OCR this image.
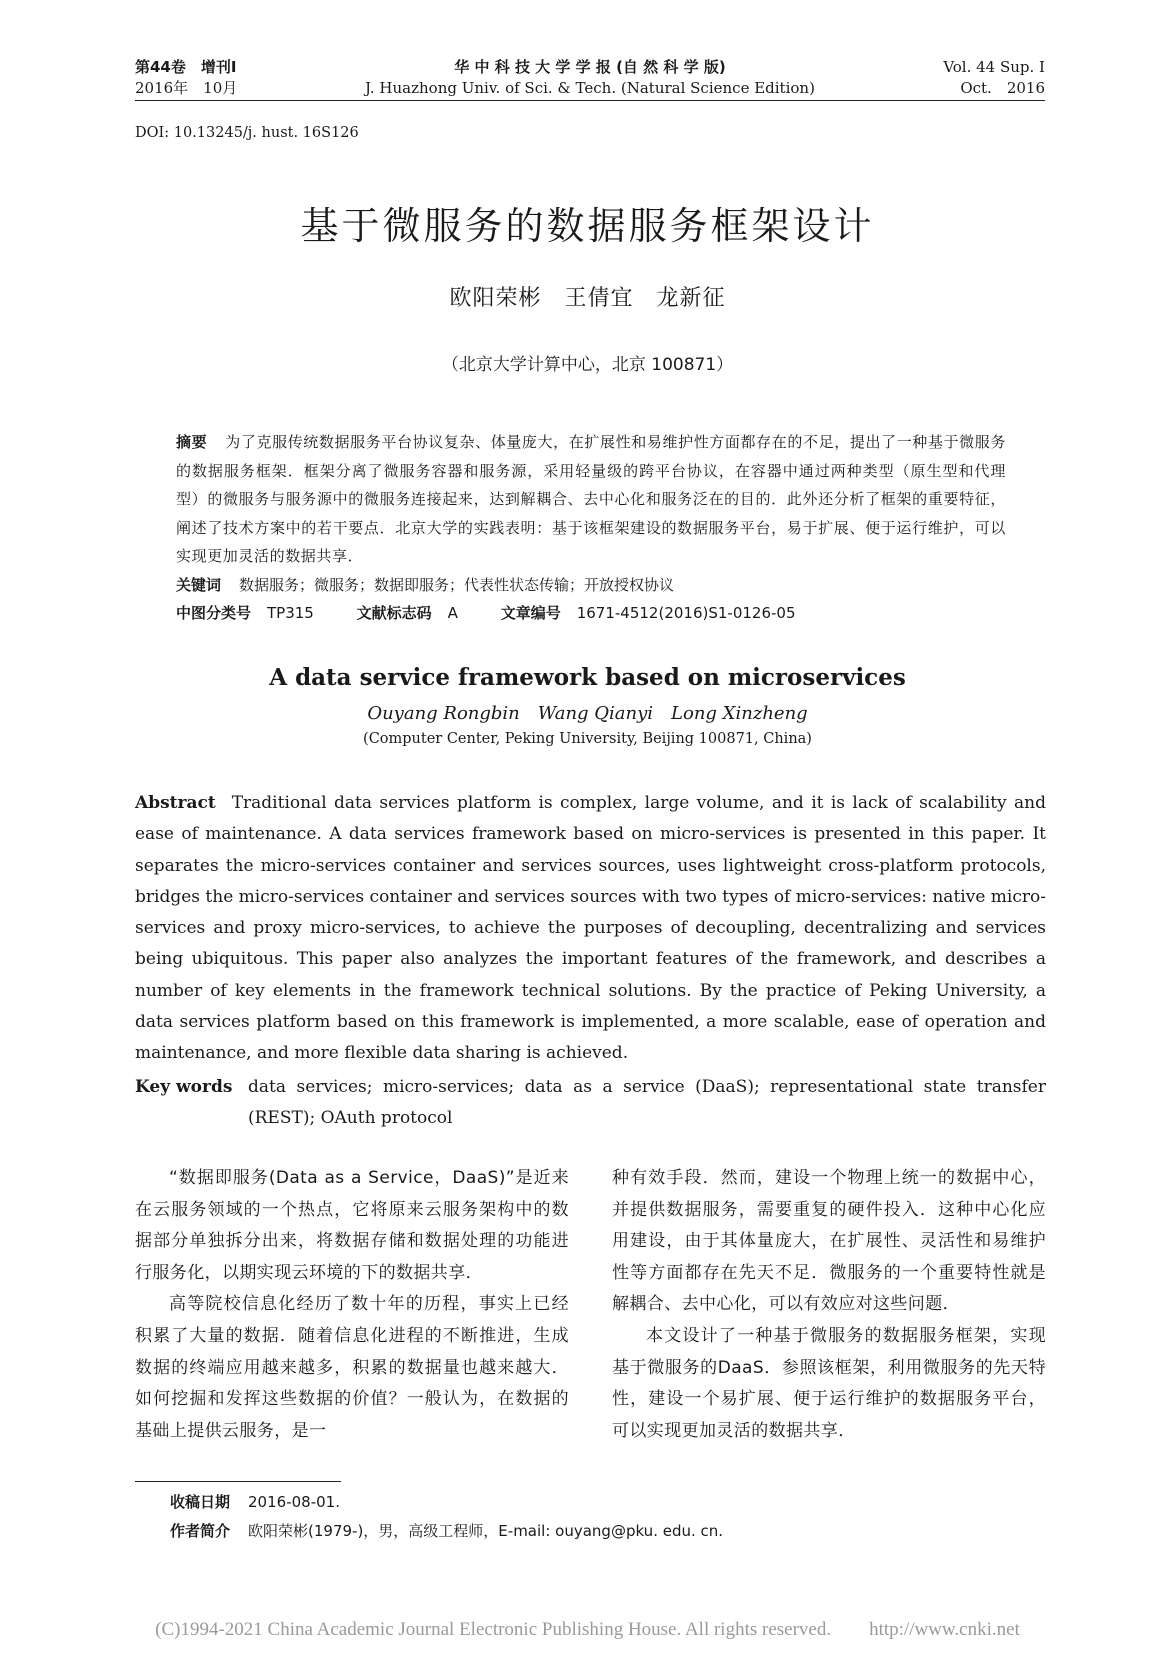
第44卷　增刊Ⅰ	华 中 科 技 大 学 学 报 (自 然 科 学 版)	Vol. 44 Sup. Ⅰ
2016年　10月	J. Huazhong Univ. of Sci. & Tech. (Natural Science Edition)	Oct.　2016
DOI: 10.13245/j. hust. 16S126
基于微服务的数据服务框架设计
欧阳荣彬　王倩宜　龙新征
（北京大学计算中心，北京 100871）
摘要 为了克服传统数据服务平台协议复杂、体量庞大，在扩展性和易维护性方面都存在的不足，提出了一种基于微服务的数据服务框架．框架分离了微服务容器和服务源，采用轻量级的跨平台协议，在容器中通过两种类型（原生型和代理型）的微服务与服务源中的微服务连接起来，达到解耦合、去中心化和服务泛在的目的．此外还分析了框架的重要特征，阐述了技术方案中的若干要点．北京大学的实践表明：基于该框架建设的数据服务平台，易于扩展、便于运行维护，可以实现更加灵活的数据共享．
关键词 数据服务；微服务；数据即服务；代表性状态传输；开放授权协议
中图分类号 TP315	文献标志码 A	文章编号 1671-4512(2016)S1-0126-05
A data service framework based on microservices
Ouyang Rongbin　Wang Qianyi　Long Xinzheng
(Computer Center, Peking University, Beijing 100871, China)
Abstract Traditional data services platform is complex, large volume, and it is lack of scalability and ease of maintenance. A data services framework based on micro-services is presented in this paper. It separates the micro-services container and services sources, uses lightweight cross-platform protocols, bridges the micro-services container and services sources with two types of micro-services: native micro-services and proxy micro-services, to achieve the purposes of decoupling, decentralizing and services being ubiquitous. This paper also analyzes the important features of the framework, and describes a number of key elements in the framework technical solutions. By the practice of Peking University, a data services platform based on this framework is implemented, a more scalable, ease of operation and maintenance, and more flexible data sharing is achieved.
Key words data services; micro-services; data as a service (DaaS); representational state transfer (REST); OAuth protocol

“数据即服务(Data as a Service，DaaS)”是近来在云服务领域的一个热点，它将原来云服务架构中的数据部分单独拆分出来，将数据存储和数据处理的功能进行服务化，以期实现云环境的下的数据共享．

高等院校信息化经历了数十年的历程，事实上已经积累了大量的数据．随着信息化进程的不断推进，生成数据的终端应用越来越多，积累的数据量也越来越大．如何挖掘和发挥这些数据的价值？一般认为，在数据的基础上提供云服务，是一

种有效手段．然而，建设一个物理上统一的数据中心，并提供数据服务，需要重复的硬件投入．这种中心化应用建设，由于其体量庞大，在扩展性、灵活性和易维护性等方面都存在先天不足．微服务的一个重要特性就是解耦合、去中心化，可以有效应对这些问题．

本文设计了一种基于微服务的数据服务框架，实现基于微服务的DaaS．参照该框架，利用微服务的先天特性，建设一个易扩展、便于运行维护的数据服务平台，可以实现更加灵活的数据共享．

收稿日期 2016-08-01.
作者简介 欧阳荣彬(1979-)，男，高级工程师，E-mail: ouyang@pku. edu. cn.
(C)1994-2021 China Academic Journal Electronic Publishing House. All rights reserved.　　http://www.cnki.net
